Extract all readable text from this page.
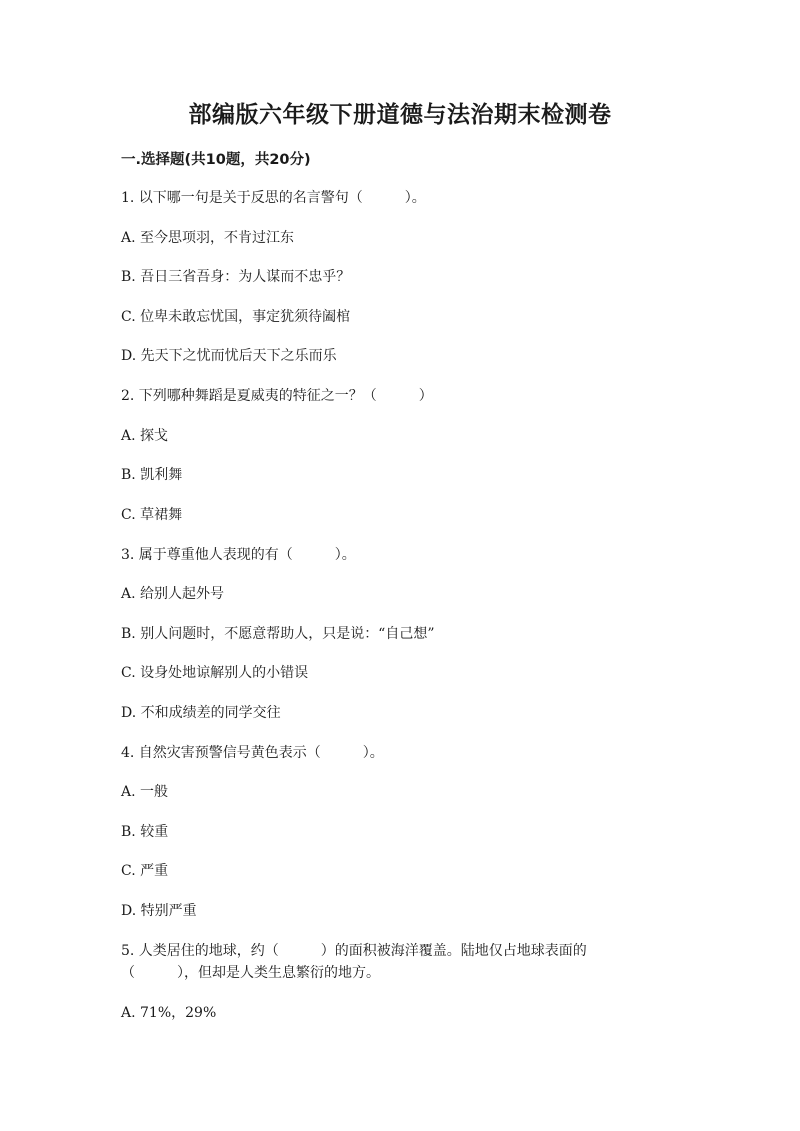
部编版六年级下册道德与法治期末检测卷
一.选择题(共10题，共20分)
1. 以下哪一句是关于反思的名言警句（　　　）。
A. 至今思项羽，不肯过江东
B. 吾日三省吾身：为人谋而不忠乎？
C. 位卑未敢忘忧国，事定犹须待阖棺
D. 先天下之忧而忧后天下之乐而乐
2. 下列哪种舞蹈是夏威夷的特征之一？（　　　）
A. 探戈
B. 凯利舞
C. 草裙舞
3. 属于尊重他人表现的有（　　　）。
A. 给别人起外号
B. 别人问题时，不愿意帮助人，只是说：“自己想”
C. 设身处地谅解别人的小错误
D. 不和成绩差的同学交往
4. 自然灾害预警信号黄色表示（　　　）。
A. 一般
B. 较重
C. 严重
D. 特别严重
5. 人类居住的地球，约（　　　）的面积被海洋覆盖。陆地仅占地球表面的（　　　），但却是人类生息繁衍的地方。
A. 71%，29%
